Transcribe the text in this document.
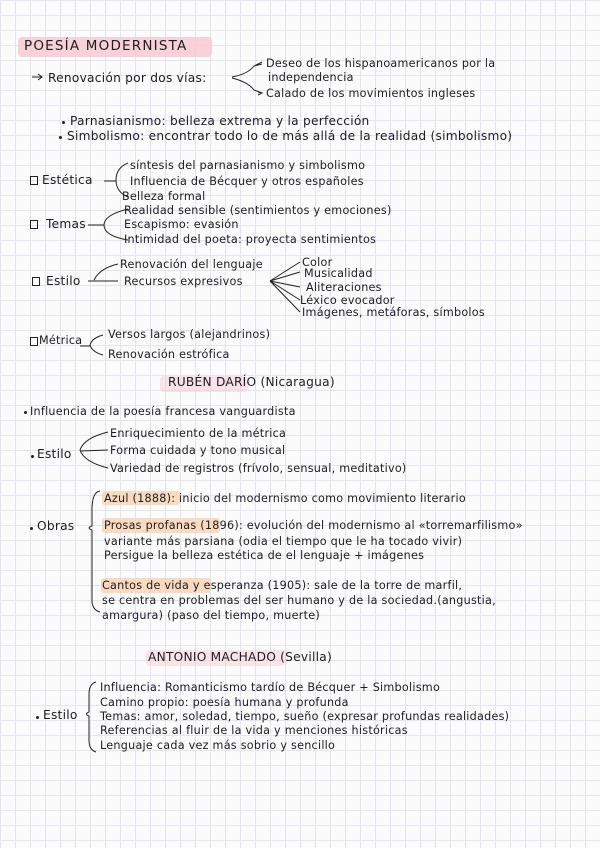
POESÍA MODERNISTA
Renovación por dos vías:
Deseo de los hispanoamericanos por la
independencia
Calado de los movimientos ingleses
Parnasianismo: belleza extrema y la perfección
Simbolismo: encontrar todo lo de más allá de la realidad (simbolismo)
Estética
síntesis del parnasianismo y simbolismo
Influencia de Bécquer y otros españoles
Belleza formal
Temas
Realidad sensible (sentimientos y emociones)
Escapismo: evasión
Intimidad del poeta: proyecta sentimientos
Estilo
Renovación del lenguaje
Recursos expresivos
Color
Musicalidad
Aliteraciones
Léxico evocador
Imágenes, metáforas, símbolos
Métrica Versos largos (alejandrinos)
Renovación estrófica
RUBÉN DARÍO (Nicaragua)
Influencia de la poesía francesa vanguardista
Estilo
Enriquecimiento de la métrica
Forma cuidada y tono musical
Variedad de registros (frívolo, sensual, meditativo)
Obras
Azul (1888): inicio del modernismo como movimiento literario
Prosas profanas (1896): evolución del modernismo al «torremarfilismo»
variante más parsiana (odia el tiempo que le ha tocado vivir)
Persigue la belleza estética de el lenguaje + imágenes
Cantos de vida y esperanza (1905): sale de la torre de marfil,
se centra en problemas del ser humano y de la sociedad.(angustia,
amargura) (paso del tiempo, muerte)
ANTONIO MACHADO (Sevilla)
Estilo
Influencia: Romanticismo tardío de Bécquer + Simbolismo
Camino propio: poesía humana y profunda
Temas: amor, soledad, tiempo, sueño (expresar profundas realidades)
Referencias al fluir de la vida y menciones históricas
Lenguaje cada vez más sobrio y sencillo
